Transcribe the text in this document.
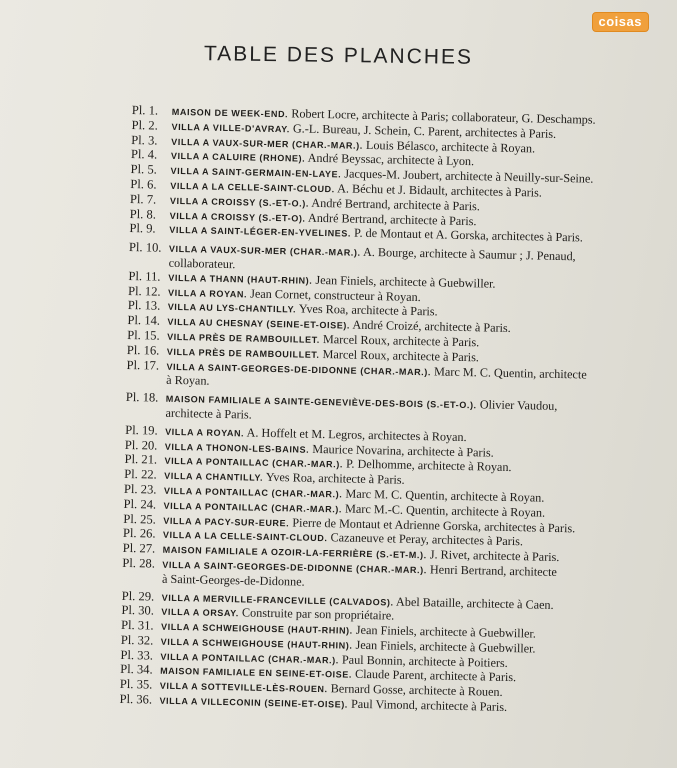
coisas
TABLE DES PLANCHES
Pl. 1.	MAISON DE WEEK-END. Robert Locre, architecte à Paris; collaborateur, G. Deschamps.
Pl. 2.	VILLA A VILLE-D'AVRAY. G.-L. Bureau, J. Schein, C. Parent, architectes à Paris.
Pl. 3.	VILLA A VAUX-SUR-MER (CHAR.-MAR.). Louis Bélasco, architecte à Royan.
Pl. 4.	VILLA A CALUIRE (RHONE). André Beyssac, architecte à Lyon.
Pl. 5.	VILLA A SAINT-GERMAIN-EN-LAYE. Jacques-M. Joubert, architecte à Neuilly-sur-Seine.
Pl. 6.	VILLA A LA CELLE-SAINT-CLOUD. A. Béchu et J. Bidault, architectes à Paris.
Pl. 7.	VILLA A CROISSY (S.-ET-O.). André Bertrand, architecte à Paris.
Pl. 8.	VILLA A CROISSY (S.-ET-O). André Bertrand, architecte à Paris.
Pl. 9.	VILLA A SAINT-LÉGER-EN-YVELINES. P. de Montaut et A. Gorska, architectes à Paris.
Pl. 10. VILLA A VAUX-SUR-MER (CHAR.-MAR.). A. Bourge, architecte à Saumur ; J. Penaud,
collaborateur.
Pl. 11. VILLA A THANN (HAUT-RHIN). Jean Finiels, architecte à Guebwiller.
Pl. 12. VILLA A ROYAN. Jean Cornet, constructeur à Royan.
Pl. 13. VILLA AU LYS-CHANTILLY. Yves Roa, architecte à Paris.
Pl. 14. VILLA AU CHESNAY (SEINE-ET-OISE). André Croizé, architecte à Paris.
Pl. 15. VILLA PRÈS DE RAMBOUILLET. Marcel Roux, architecte à Paris.
Pl. 16. VILLA PRÈS DE RAMBOUILLET. Marcel Roux, architecte à Paris.
Pl. 17. VILLA A SAINT-GEORGES-DE-DIDONNE (CHAR.-MAR.). Marc M. C. Quentin, architecte
à Royan.
Pl. 18. MAISON FAMILIALE A SAINTE-GENEVIÈVE-DES-BOIS (S.-ET-O.). Olivier Vaudou,
architecte à Paris.
Pl. 19. VILLA A ROYAN. A. Hoffelt et M. Legros, architectes à Royan.
Pl. 20. VILLA A THONON-LES-BAINS. Maurice Novarina, architecte à Paris.
Pl. 21. VILLA A PONTAILLAC (CHAR.-MAR.). P. Delhomme, architecte à Royan.
Pl. 22. VILLA A CHANTILLY. Yves Roa, architecte à Paris.
Pl. 23. VILLA A PONTAILLAC (CHAR.-MAR.). Marc M. C. Quentin, architecte à Royan.
Pl. 24. VILLA A PONTAILLAC (CHAR.-MAR.). Marc M.-C. Quentin, architecte à Royan.
Pl. 25. VILLA A PACY-SUR-EURE. Pierre de Montaut et Adrienne Gorska, architectes à Paris.
Pl. 26. VILLA A LA CELLE-SAINT-CLOUD. Cazaneuve et Peray, architectes à Paris.
Pl. 27. MAISON FAMILIALE A OZOIR-LA-FERRIÈRE (S.-ET-M.). J. Rivet, architecte à Paris.
Pl. 28. VILLA A SAINT-GEORGES-DE-DIDONNE (CHAR.-MAR.). Henri Bertrand, architecte
à Saint-Georges-de-Didonne.
Pl. 29. VILLA A MERVILLE-FRANCEVILLE (CALVADOS). Abel Bataille, architecte à Caen.
Pl. 30. VILLA A ORSAY. Construite par son propriétaire.
Pl. 31. VILLA A SCHWEIGHOUSE (HAUT-RHIN). Jean Finiels, architecte à Guebwiller.
Pl. 32. VILLA A SCHWEIGHOUSE (HAUT-RHIN). Jean Finiels, architecte à Guebwiller.
Pl. 33. VILLA A PONTAILLAC (CHAR.-MAR.). Paul Bonnin, architecte à Poitiers.
Pl. 34. MAISON FAMILIALE EN SEINE-ET-OISE. Claude Parent, architecte à Paris.
Pl. 35. VILLA A SOTTEVILLE-LÈS-ROUEN. Bernard Gosse, architecte à Rouen.
Pl. 36. VILLA A VILLECONIN (SEINE-ET-OISE). Paul Vimond, architecte à Paris.
